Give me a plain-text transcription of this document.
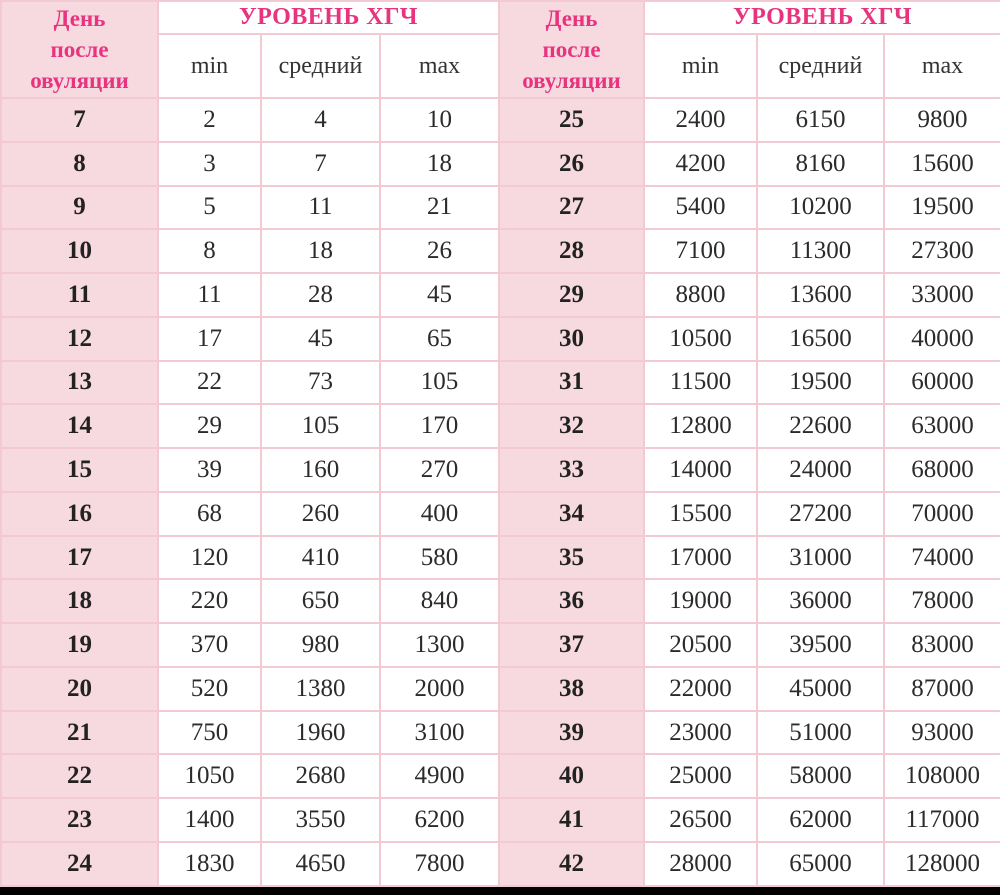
День
после
овуляции	УРОВЕНЬ ХГЧ			День
после
овуляции	УРОВЕНЬ ХГЧ		
	min	средний	max		min	средний	max
7	2	4	10	25	2400	6150	9800
8	3	7	18	26	4200	8160	15600
9	5	11	21	27	5400	10200	19500
10	8	18	26	28	7100	11300	27300
11	11	28	45	29	8800	13600	33000
12	17	45	65	30	10500	16500	40000
13	22	73	105	31	11500	19500	60000
14	29	105	170	32	12800	22600	63000
15	39	160	270	33	14000	24000	68000
16	68	260	400	34	15500	27200	70000
17	120	410	580	35	17000	31000	74000
18	220	650	840	36	19000	36000	78000
19	370	980	1300	37	20500	39500	83000
20	520	1380	2000	38	22000	45000	87000
21	750	1960	3100	39	23000	51000	93000
22	1050	2680	4900	40	25000	58000	108000
23	1400	3550	6200	41	26500	62000	117000
24	1830	4650	7800	42	28000	65000	128000
